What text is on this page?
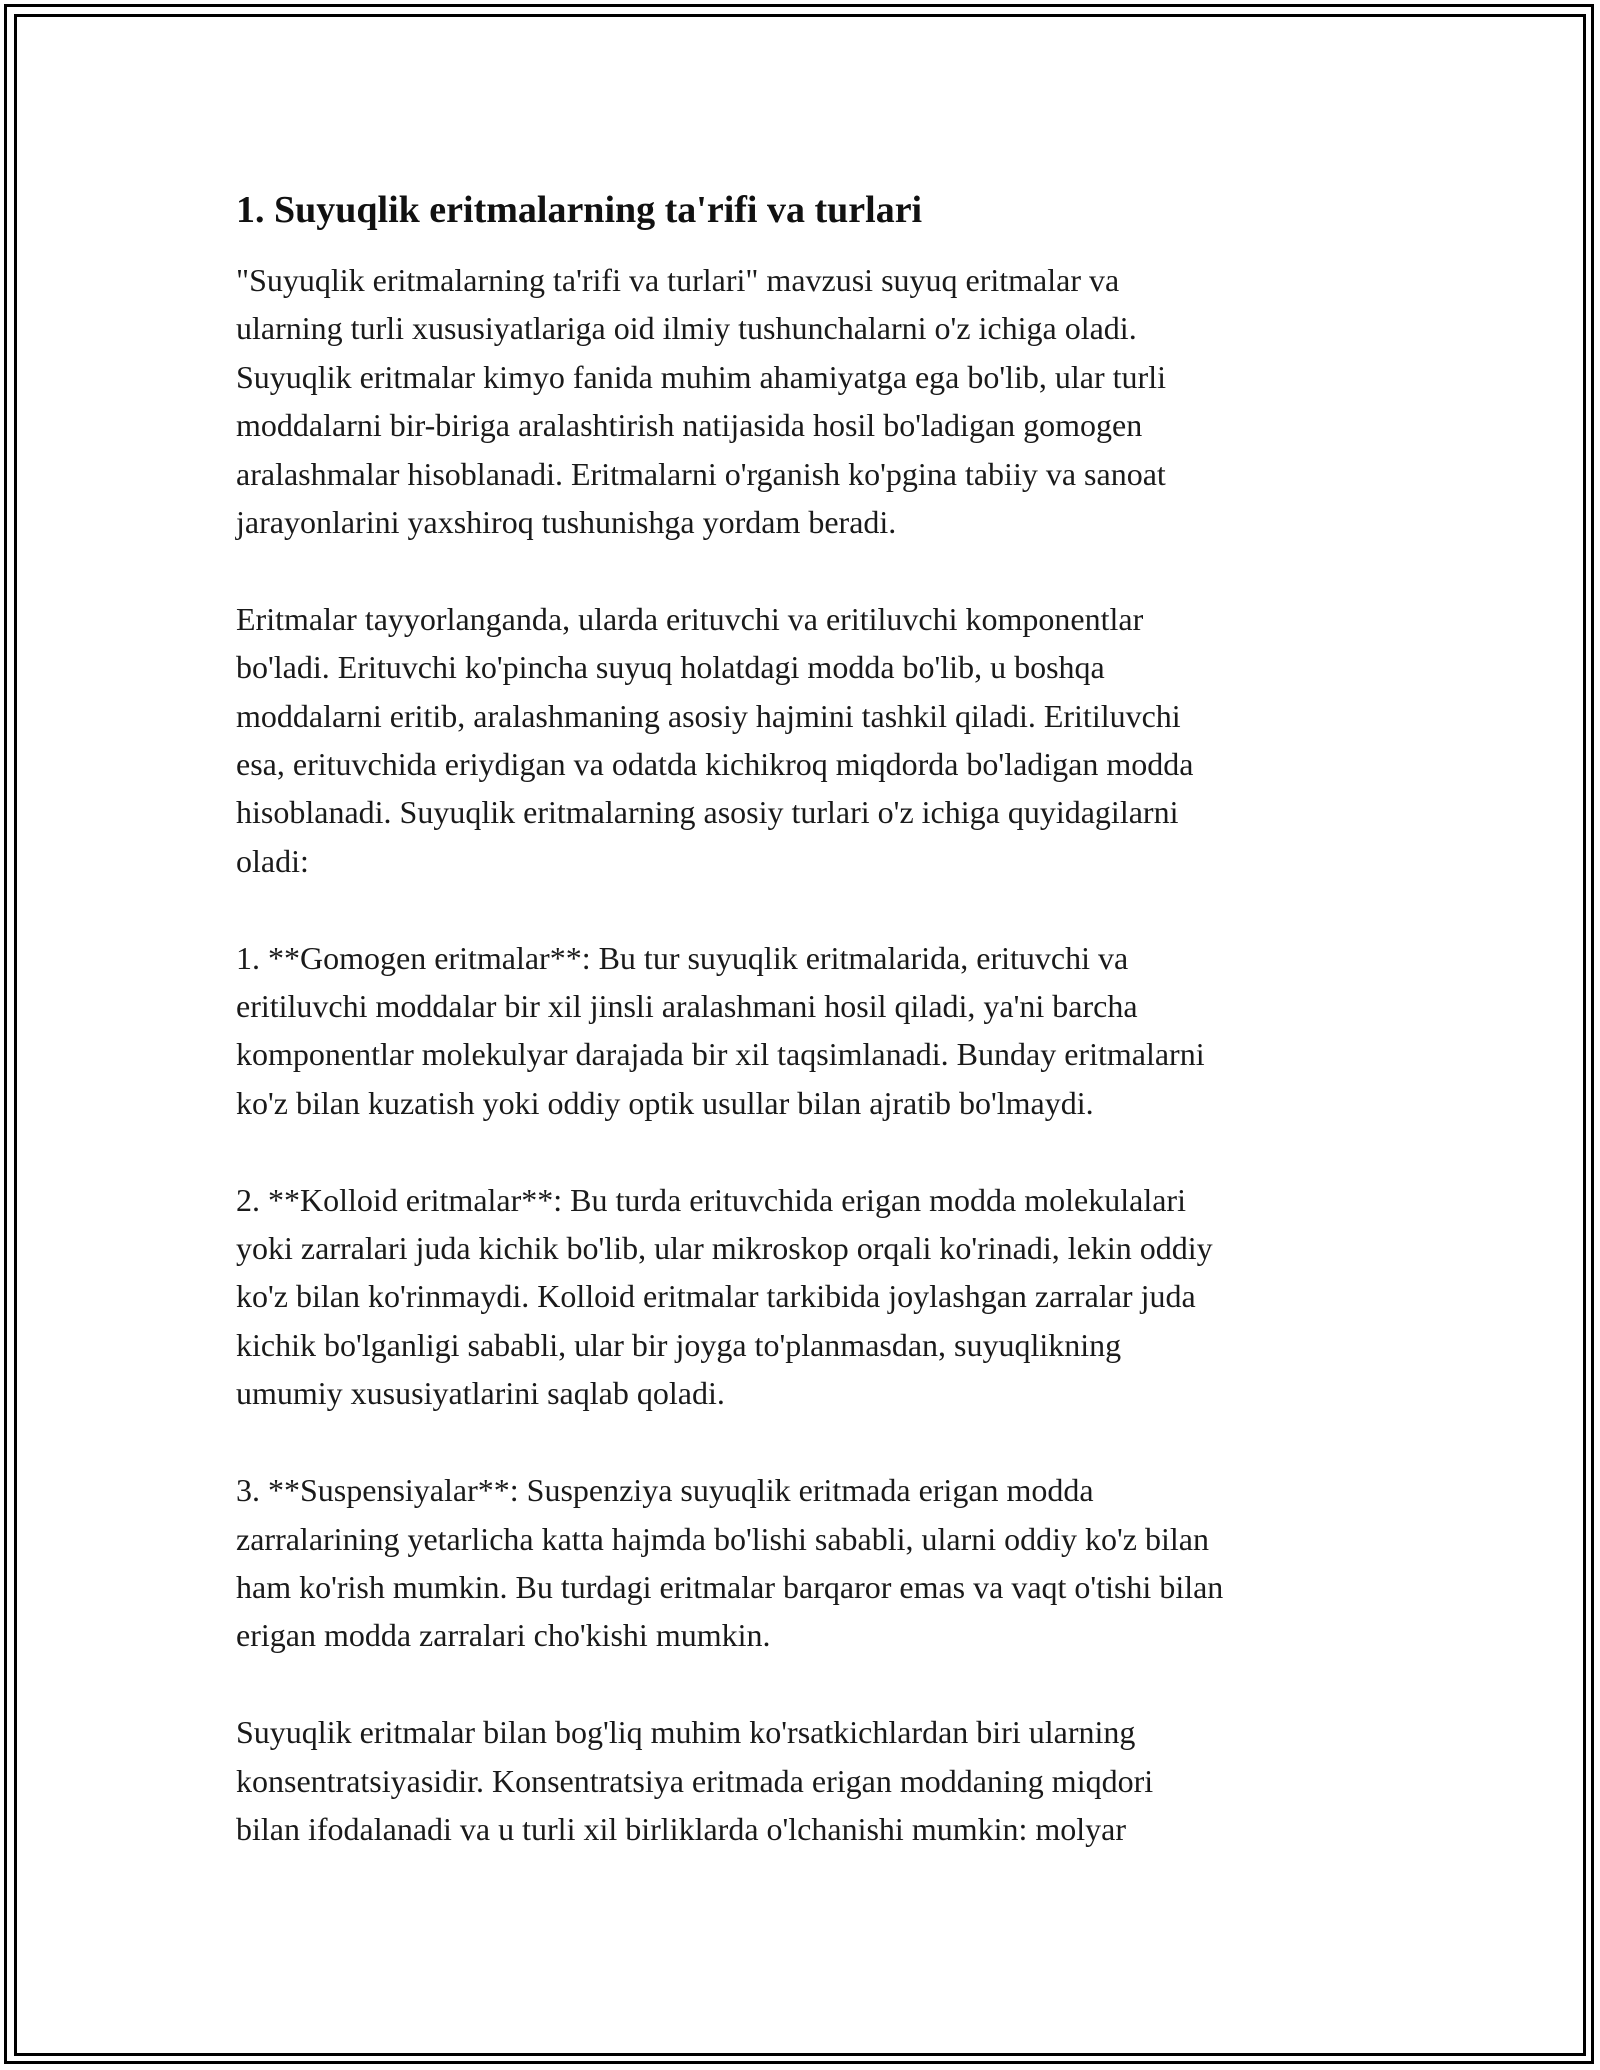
1. Suyuqlik eritmalarning ta'rifi va turlari

"Suyuqlik eritmalarning ta'rifi va turlari" mavzusi suyuq eritmalar va
ularning turli xususiyatlariga oid ilmiy tushunchalarni o'z ichiga oladi.
Suyuqlik eritmalar kimyo fanida muhim ahamiyatga ega bo'lib, ular turli
moddalarni bir-biriga aralashtirish natijasida hosil bo'ladigan gomogen
aralashmalar hisoblanadi. Eritmalarni o'rganish ko'pgina tabiiy va sanoat
jarayonlarini yaxshiroq tushunishga yordam beradi.

Eritmalar tayyorlanganda, ularda erituvchi va eritiluvchi komponentlar
bo'ladi. Erituvchi ko'pincha suyuq holatdagi modda bo'lib, u boshqa
moddalarni eritib, aralashmaning asosiy hajmini tashkil qiladi. Eritiluvchi
esa, erituvchida eriydigan va odatda kichikroq miqdorda bo'ladigan modda
hisoblanadi. Suyuqlik eritmalarning asosiy turlari o'z ichiga quyidagilarni
oladi:

1. **Gomogen eritmalar**: Bu tur suyuqlik eritmalarida, erituvchi va
eritiluvchi moddalar bir xil jinsli aralashmani hosil qiladi, ya'ni barcha
komponentlar molekulyar darajada bir xil taqsimlanadi. Bunday eritmalarni
ko'z bilan kuzatish yoki oddiy optik usullar bilan ajratib bo'lmaydi.

2. **Kolloid eritmalar**: Bu turda erituvchida erigan modda molekulalari
yoki zarralari juda kichik bo'lib, ular mikroskop orqali ko'rinadi, lekin oddiy
ko'z bilan ko'rinmaydi. Kolloid eritmalar tarkibida joylashgan zarralar juda
kichik bo'lganligi sababli, ular bir joyga to'planmasdan, suyuqlikning
umumiy xususiyatlarini saqlab qoladi.

3. **Suspensiyalar**: Suspenziya suyuqlik eritmada erigan modda
zarralarining yetarlicha katta hajmda bo'lishi sababli, ularni oddiy ko'z bilan
ham ko'rish mumkin. Bu turdagi eritmalar barqaror emas va vaqt o'tishi bilan
erigan modda zarralari cho'kishi mumkin.

Suyuqlik eritmalar bilan bog'liq muhim ko'rsatkichlardan biri ularning
konsentratsiyasidir. Konsentratsiya eritmada erigan moddaning miqdori
bilan ifodalanadi va u turli xil birliklarda o'lchanishi mumkin: molyar
